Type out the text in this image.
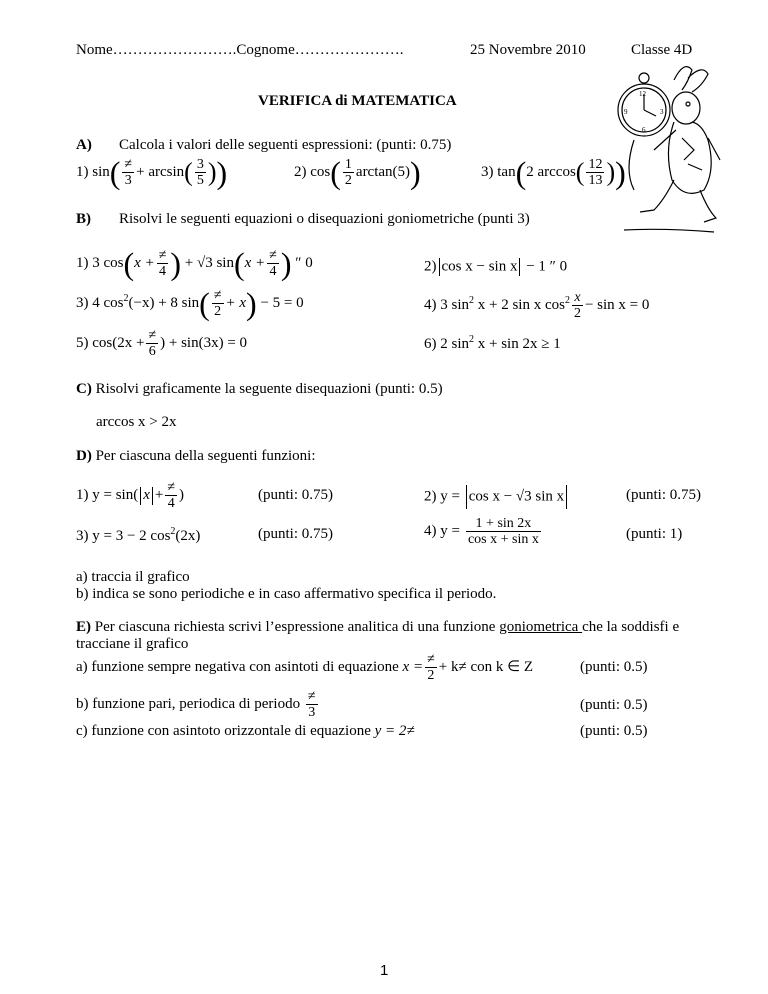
Nome…………………….Cognome………………….	25 Novembre 2010	Classe 4D
12
3
6
9
VERIFICA di MATEMATICA
A) Calcola i valori delle seguenti espressioni: (punti: 0.75)
1) $\sin( \frac{\ne}{3} + \arcsin( \frac{3}{5}$ ))	2) $\cos( \frac{1}{2} \arctan(5))$	3) tan(2 $\arccos( \frac{12}{13}$ ))
B) Risolvi le seguenti equazioni o disequazioni goniometriche (punti 3)
1) 3 $\cos(x + \frac{\ne}{4}$ ) + √3 $\sin(x + \frac{\ne}{4}$ ) ″ 0	2) cos x − sin x − 1 ″ 0
3) 4 $\cos^2(-x) + 8$ $\sin( \frac{\ne}{2} + x) - 5 = 0$	4) 3 $\sin^2 x + 2$ sin x $\cos^2 \frac{x}{2} - \sin x = 0$
5) $\cos(2x + \frac{\ne}{6}$ ) + sin(3x) = 0	6) 2 $\sin^2 x + \sin 2x \ge 1$
C) Risolvi graficamente la seguente disequazioni (punti: 0.5)
arccos x > 2x
D) Per ciascuna della seguenti funzioni:
1) y = sin( $x + \frac{\ne}{4}$ )	(punti: 0.75)	2) y = cos x − √3 sin x	(punti: 0.75)
3) y = 3 − 2 $\cos^2(2x)$	(punti: 0.75)	4) $y = \frac{1 + \sin 2x}{\text{cos x + sin x}}$	(punti: 1)
a) traccia il grafico
b) indica se sono periodiche e in caso affermativo specifica il periodo.
E) Per ciascuna richiesta scrivi l’espressione analitica di una funzione goniometrica che la soddisfi e
tracciane il grafico
a) funzione sempre negativa con asintoti di equazione $x = \frac{\ne}{2} + k\ne$ con k ∈ Z	(punti: 0.5)
b) funzione pari, periodica di periodo $\frac{\ne}{3}$	(punti: 0.5)
c) funzione con asintoto orizzontale di equazione y = 2≠	(punti: 0.5)
1
